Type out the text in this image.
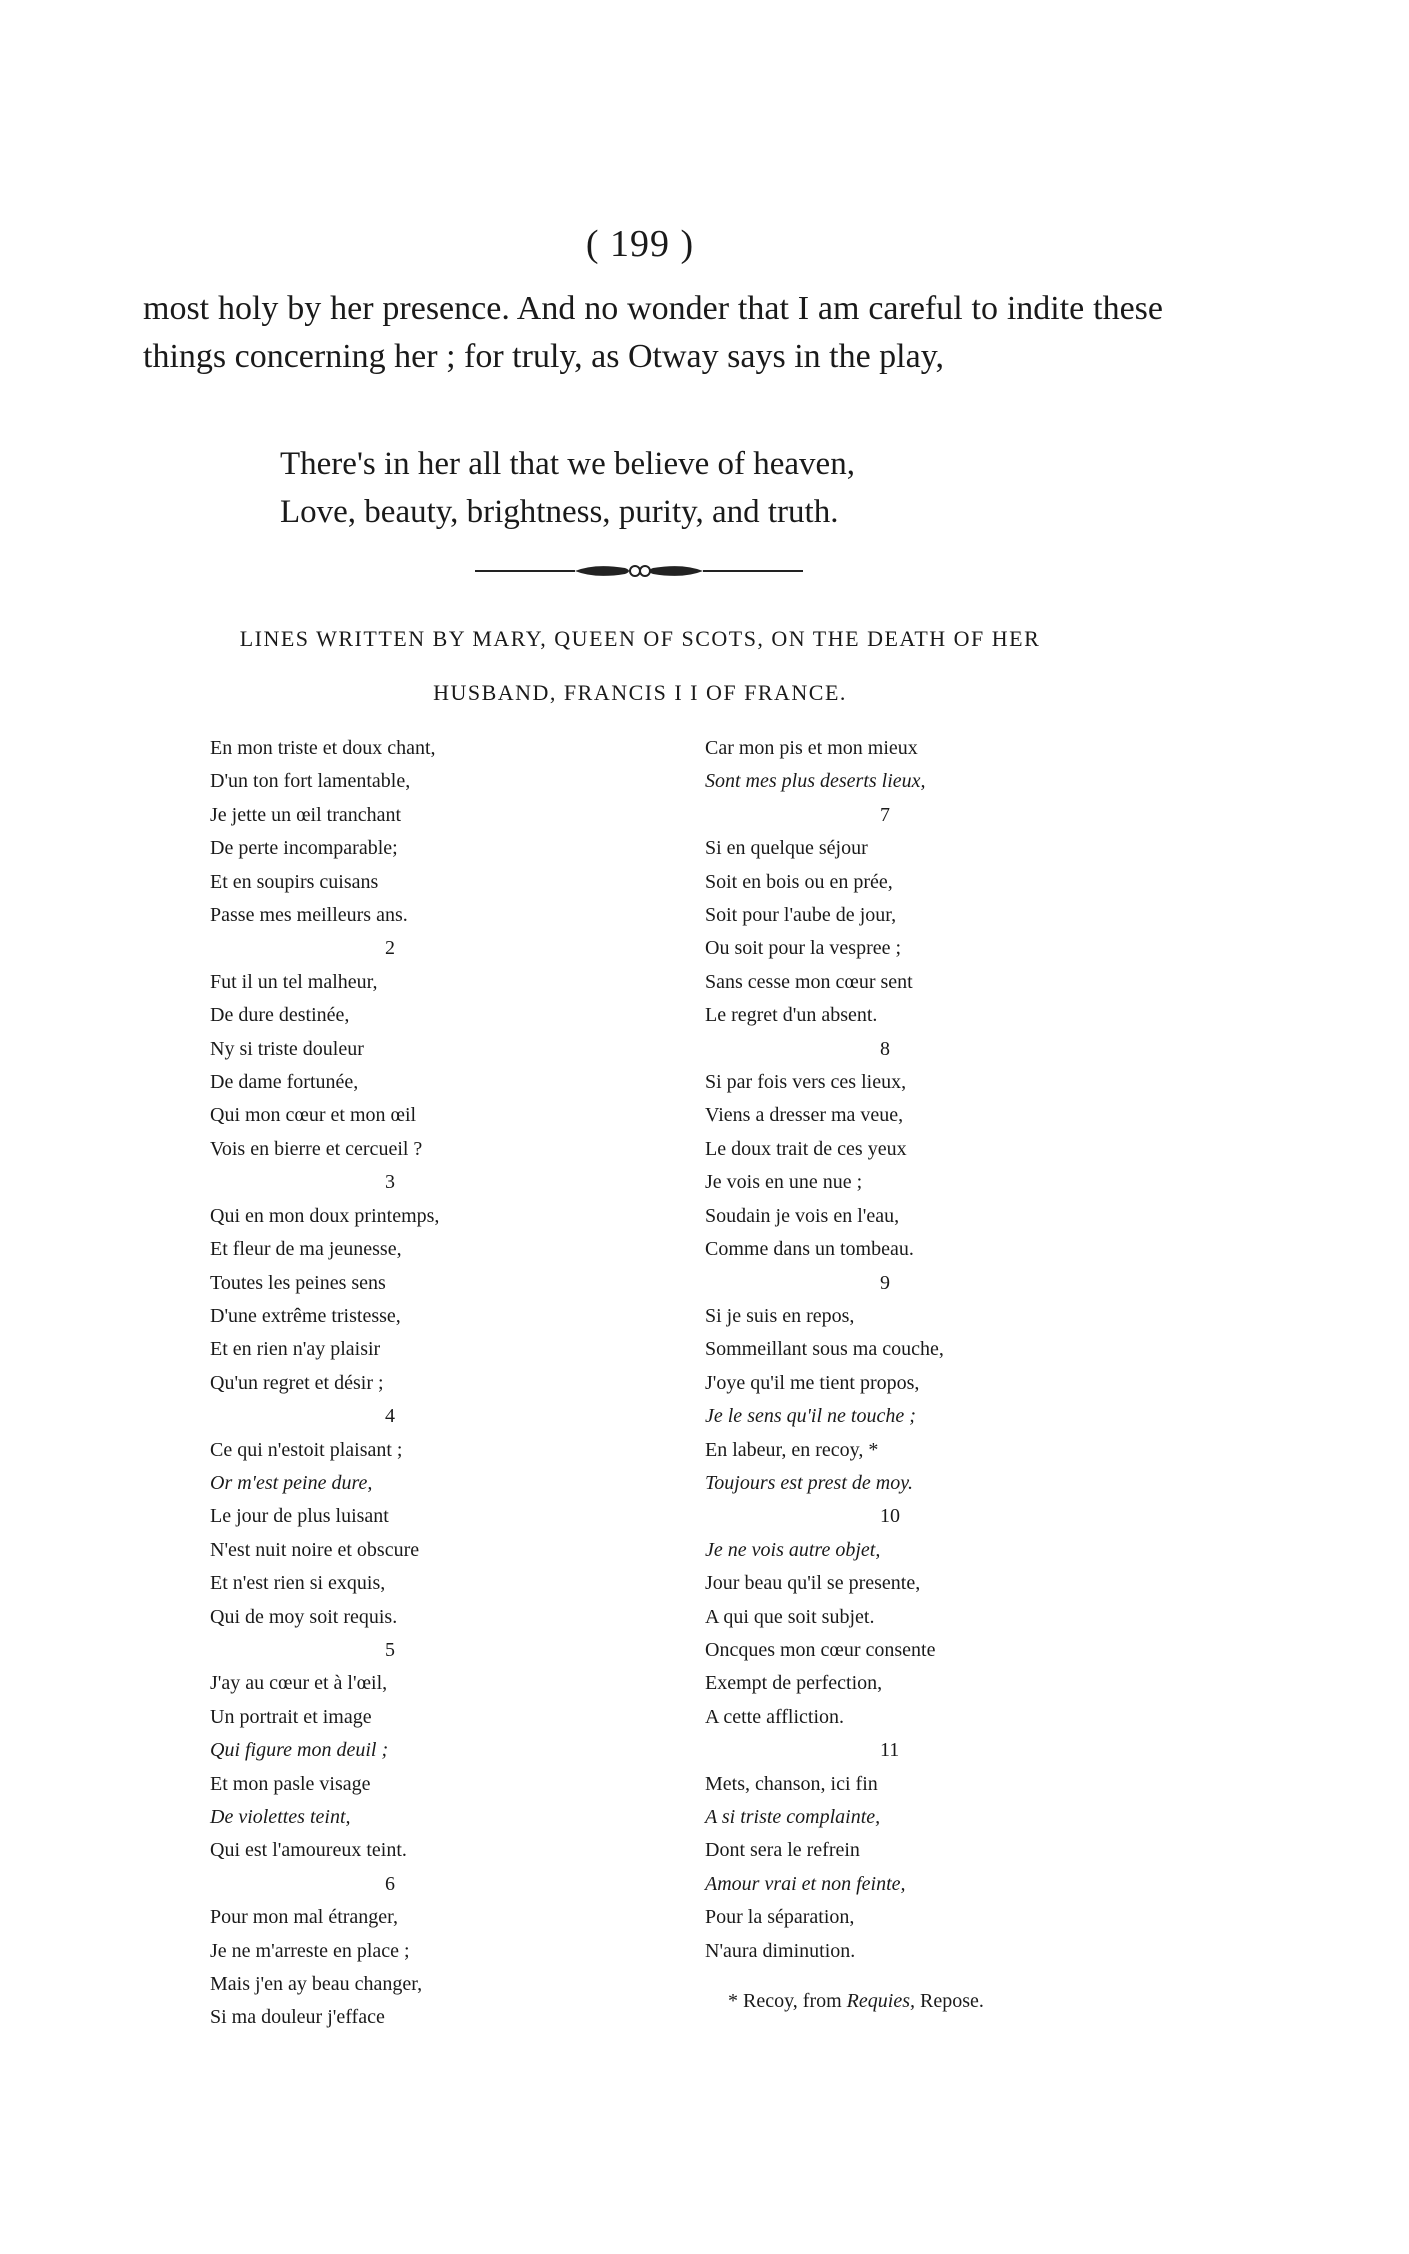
( 199 )

most holy by her presence. And no wonder that I am careful to indite these things concerning her ; for truly, as Otway says in the play,

There's in her all that we believe of heaven,
Love, beauty, brightness, purity, and truth.
LINES WRITTEN BY MARY, QUEEN OF SCOTS, ON THE DEATH OF HER
HUSBAND, FRANCIS I I OF FRANCE.
En mon triste et doux chant,
D'un ton fort lamentable,
Je jette un œil tranchant
De perte incomparable;
Et en soupirs cuisans
Passe mes meilleurs ans.
2
Fut il un tel malheur,
De dure destinée,
Ny si triste douleur
De dame fortunée,
Qui mon cœur et mon œil
Vois en bierre et cercueil ?
3
Qui en mon doux printemps,
Et fleur de ma jeunesse,
Toutes les peines sens
D'une extrême tristesse,
Et en rien n'ay plaisir
Qu'un regret et désir ;
4
Ce qui n'estoit plaisant ;
Or m'est peine dure,
Le jour de plus luisant
N'est nuit noire et obscure
Et n'est rien si exquis,
Qui de moy soit requis.
5
J'ay au cœur et à l'œil,
Un portrait et image
Qui figure mon deuil ;
Et mon pasle visage
De violettes teint,
Qui est l'amoureux teint.
6
Pour mon mal étranger,
Je ne m'arreste en place ;
Mais j'en ay beau changer,
Si ma douleur j'efface
Car mon pis et mon mieux
Sont mes plus deserts lieux,
7
Si en quelque séjour
Soit en bois ou en prée,
Soit pour l'aube de jour,
Ou soit pour la vespree ;
Sans cesse mon cœur sent
Le regret d'un absent.
8
Si par fois vers ces lieux,
Viens a dresser ma veue,
Le doux trait de ces yeux
Je vois en une nue ;
Soudain je vois en l'eau,
Comme dans un tombeau.
9
Si je suis en repos,
Sommeillant sous ma couche,
J'oye qu'il me tient propos,
Je le sens qu'il ne touche ;
En labeur, en recoy, *
Toujours est prest de moy.
10
Je ne vois autre objet,
Jour beau qu'il se presente,
A qui que soit subjet.
Oncques mon cœur consente
Exempt de perfection,
A cette affliction.
11
Mets, chanson, ici fin
A si triste complainte,
Dont sera le refrein
Amour vrai et non feinte,
Pour la séparation,
N'aura diminution.
* Recoy, from Requies, Repose.
